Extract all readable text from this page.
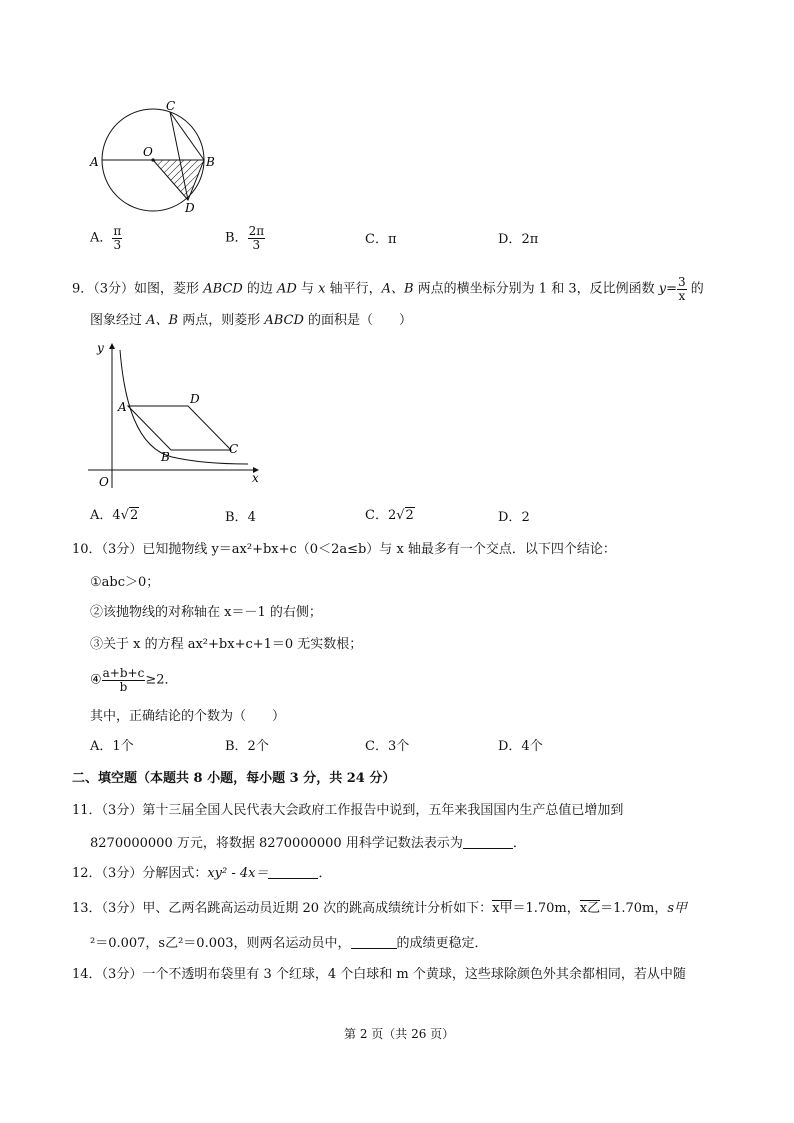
C
O
A	B
D
A． $\frac{\pi}{3}$	B． $\frac{2\pi}{3}$	C．π	D．2π
9．（3分）如图，菱形 ABCD 的边 AD 与 x 轴平行，A、B 两点的横坐标分别为 1 和 3，反比例函数 $y= \frac{3}{x}$ 的
图象经过 A、B 两点，则菱形 ABCD 的面积是（　　）
y
A
D
B
C
O	x
A．4√2	B．4	C．2√2	D．2
10．（3分）已知抛物线 y＝ax²+bx+c（0＜2a≤b）与 x 轴最多有一个交点．以下四个结论：
①abc＞0；
②该抛物线的对称轴在 x＝－1 的右侧；
③关于 x 的方程 ax²+bx+c+1＝0 无实数根；
④ $\frac{a+b+c}{b} \ge 2$．
其中，正确结论的个数为（　　）
A．1个	B．2个	C．3个	D．4个
二、填空题（本题共 8 小题，每小题 3 分，共 24 分）
11．（3分）第十三届全国人民代表大会政府工作报告中说到，五年来我国国内生产总值已增加到
8270000000 万元，将数据 8270000000 用科学记数法表示为	．
12．（3分）分解因式：xy² - 4x＝	．
13．（3分）甲、乙两名跳高运动员近期 20 次的跳高成绩统计分析如下：x甲＝1.70m，x乙＝1.70m，s甲
²＝0.007，s乙²＝0.003，则两名运动员中，	的成绩更稳定．
14．（3分）一个不透明布袋里有 3 个红球，4 个白球和 m 个黄球，这些球除颜色外其余都相同，若从中随
第 2 页（共 26 页）
